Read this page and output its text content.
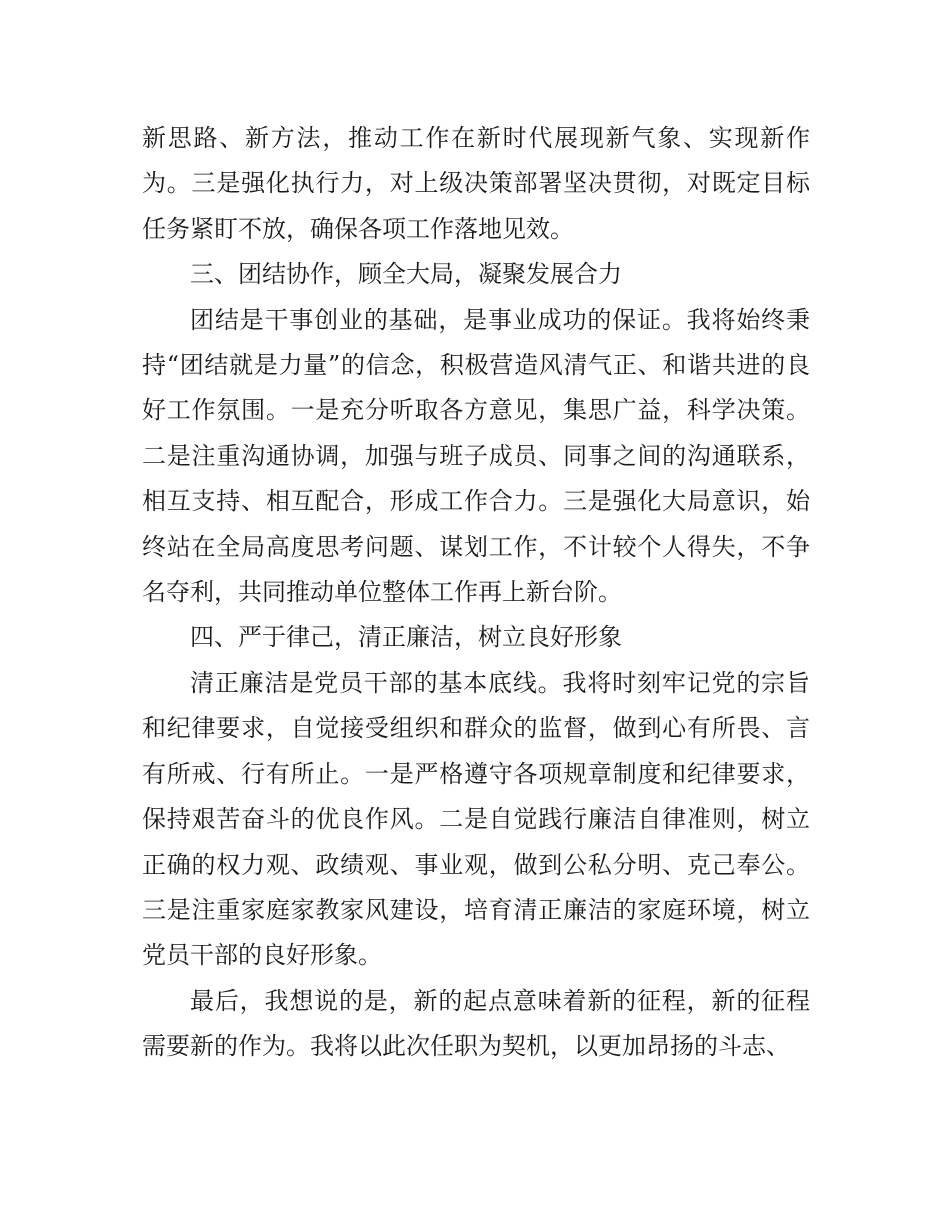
新思路、新方法，推动工作在新时代展现新气象、实现新作为。三是强化执行力，对上级决策部署坚决贯彻，对既定目标任务紧盯不放，确保各项工作落地见效。

三、团结协作，顾全大局，凝聚发展合力

团结是干事创业的基础，是事业成功的保证。我将始终秉持“团结就是力量”的信念，积极营造风清气正、和谐共进的良好工作氛围。一是充分听取各方意见，集思广益，科学决策。二是注重沟通协调，加强与班子成员、同事之间的沟通联系，相互支持、相互配合，形成工作合力。三是强化大局意识，始终站在全局高度思考问题、谋划工作，不计较个人得失，不争名夺利，共同推动单位整体工作再上新台阶。

四、严于律己，清正廉洁，树立良好形象

清正廉洁是党员干部的基本底线。我将时刻牢记党的宗旨和纪律要求，自觉接受组织和群众的监督，做到心有所畏、言有所戒、行有所止。一是严格遵守各项规章制度和纪律要求，保持艰苦奋斗的优良作风。二是自觉践行廉洁自律准则，树立正确的权力观、政绩观、事业观，做到公私分明、克己奉公。三是注重家庭家教家风建设，培育清正廉洁的家庭环境，树立党员干部的良好形象。

最后，我想说的是，新的起点意味着新的征程，新的征程需要新的作为。我将以此次任职为契机，以更加昂扬的斗志、
